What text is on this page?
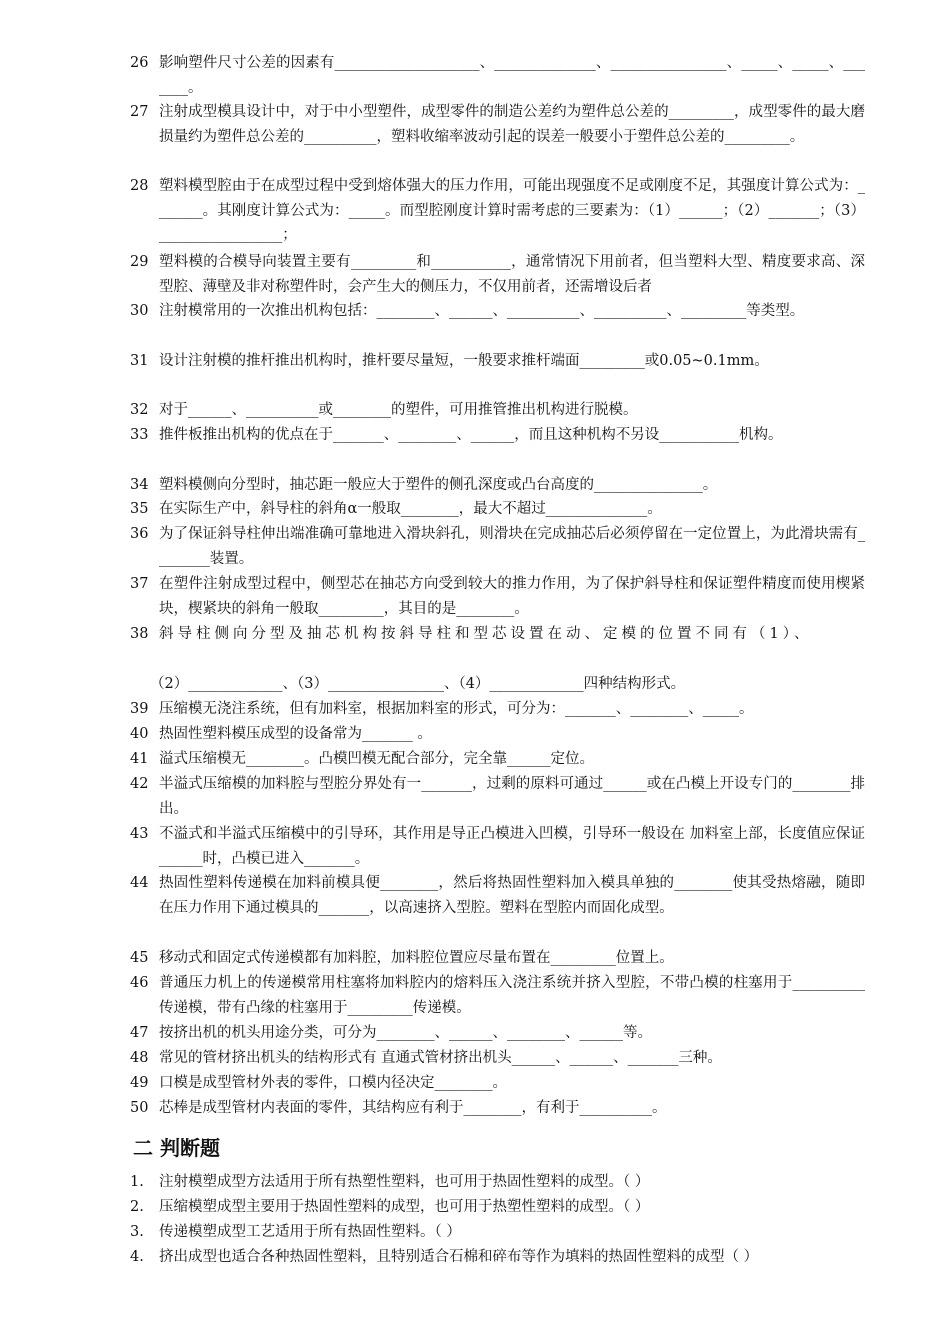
26 影响塑件尺寸公差的因素有____________________、______________、________________、_____、_____、_______。
27 注射成型模具设计中，对于中小型塑件，成型零件的制造公差约为塑件总公差的_________，成型零件的最大磨损量约为塑件总公差的__________，塑料收缩率波动引起的误差一般要小于塑件总公差的_________。
28 塑料模型腔由于在成型过程中受到熔体强大的压力作用，可能出现强度不足或刚度不足，其强度计算公式为：_______。其刚度计算公式为：_____。而型腔刚度计算时需考虑的三要素为：（1）______；（2）_______；（3）_________________；
29 塑料模的合模导向装置主要有_________和___________，通常情况下用前者，但当塑料大型、精度要求高、深型腔、薄壁及非对称塑件时，会产生大的侧压力，不仅用前者，还需增设后者
30 注射模常用的一次推出机构包括：________、______、__________、__________、_________等类型。
31 设计注射模的推杆推出机构时，推杆要尽量短，一般要求推杆端面_________或0.05~0.1mm。
32 对于______、__________或________的塑件，可用推管推出机构进行脱模。
33 推件板推出机构的优点在于_______、________、______，而且这种机构不另设___________机构。
34 塑料模侧向分型时，抽芯距一般应大于塑件的侧孔深度或凸台高度的_______________。
35 在实际生产中，斜导柱的斜角α一般取________，最大不超过______________。
36 为了保证斜导柱伸出端准确可靠地进入滑块斜孔，则滑块在完成抽芯后必须停留在一定位置上，为此滑块需有________装置。
37 在塑件注射成型过程中，侧型芯在抽芯方向受到较大的推力作用，为了保护斜导柱和保证塑件精度而使用楔紧块，楔紧块的斜角一般取_________，其目的是________。
38 斜导柱侧向分型及抽芯机构按斜导柱和型芯设置在动、定模的位置不同有（1）、
（2）_____________、（3）________________、（4）_____________四种结构形式。
39 压缩模无浇注系统，但有加料室，根据加料室的形式，可分为：_______、________、_____。
40 热固性塑料模压成型的设备常为_______ 。
41 溢式压缩模无________。凸模凹模无配合部分，完全靠______定位。
42 半溢式压缩模的加料腔与型腔分界处有一_______，过剩的原料可通过______或在凸模上开设专门的________排出。
43 不溢式和半溢式压缩模中的引导环，其作用是导正凸模进入凹模，引导环一般设在 加料室上部，长度值应保证______时，凸模已进入_______。
44 热固性塑料传递模在加料前模具便________，然后将热固性塑料加入模具单独的________使其受热熔融，随即在压力作用下通过模具的_______，以高速挤入型腔。塑料在型腔内而固化成型。
45 移动式和固定式传递模都有加料腔，加料腔位置应尽量布置在_________位置上。
46 普通压力机上的传递模常用柱塞将加料腔内的熔料压入浇注系统并挤入型腔，不带凸模的柱塞用于__________传递模，带有凸缘的柱塞用于_________传递模。
47 按挤出机的机头用途分类，可分为________、______、________、______等。
48 常见的管材挤出机头的结构形式有 直通式管材挤出机头______、______、_______三种。
49 口模是成型管材外表的零件，口模内径决定________。
50 芯棒是成型管材内表面的零件，其结构应有利于________，有利于__________。
二 判断题
1.	注射模塑成型方法适用于所有热塑性塑料，也可用于热固性塑料的成型。（ ）
2.	压缩模塑成型主要用于热固性塑料的成型，也可用于热塑性塑料的成型。（ ）
3.	传递模塑成型工艺适用于所有热固性塑料。（ ）
4.	挤出成型也适合各种热固性塑料，且特别适合石棉和碎布等作为填料的热固性塑料的成型（ ）
